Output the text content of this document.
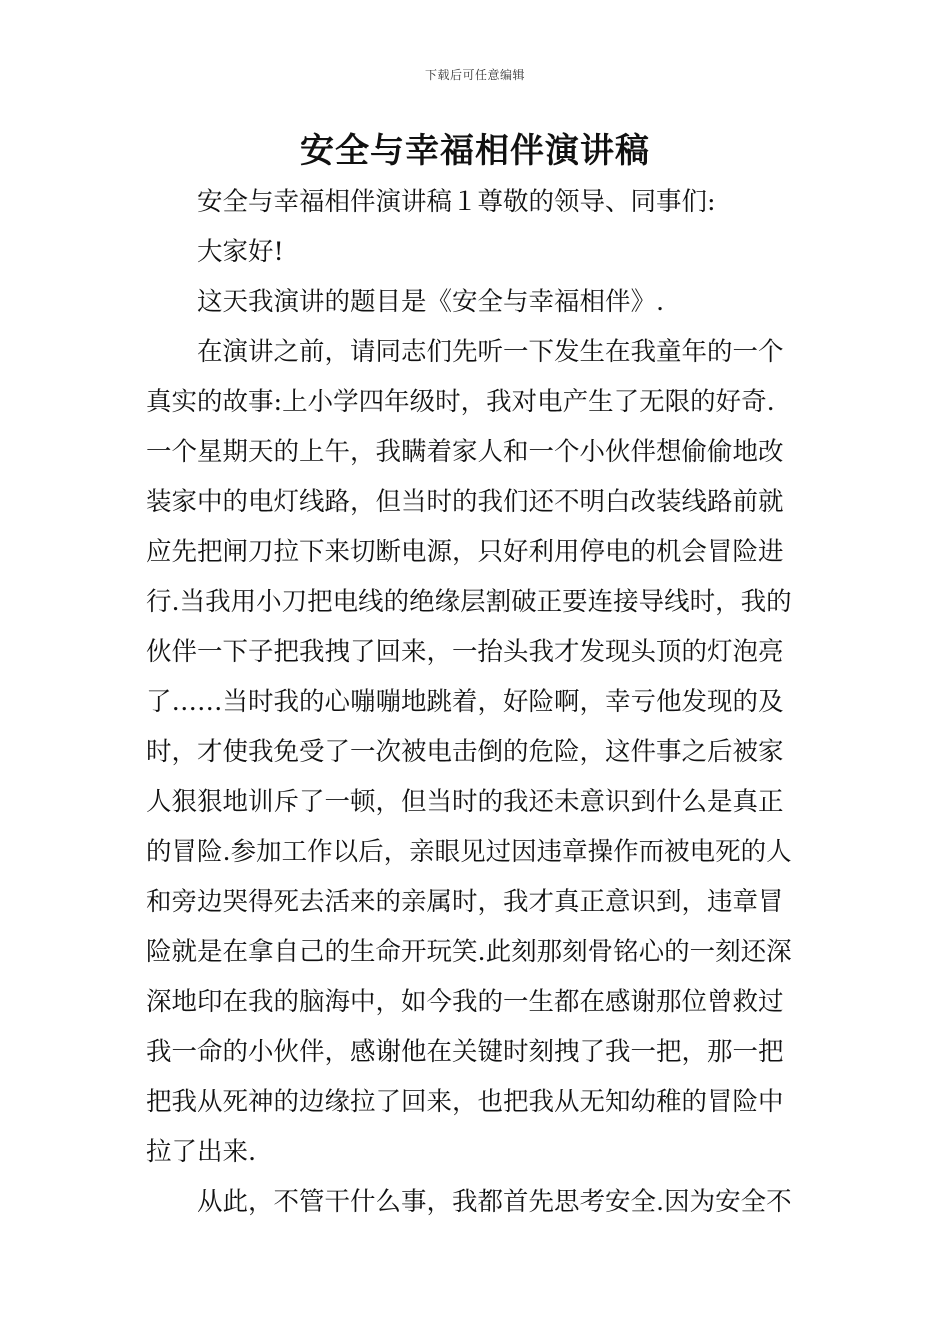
下载后可任意编辑
安全与幸福相伴演讲稿
安全与幸福相伴演讲稿１尊敬的领导、同事们:
大家好!
这天我演讲的题目是《安全与幸福相伴》.
在演讲之前，请同志们先听一下发生在我童年的一个
真实的故事:上小学四年级时，我对电产生了无限的好奇.
一个星期天的上午，我瞒着家人和一个小伙伴想偷偷地改
装家中的电灯线路，但当时的我们还不明白改装线路前就
应先把闸刀拉下来切断电源，只好利用停电的机会冒险进
行.当我用小刀把电线的绝缘层割破正要连接导线时，我的
伙伴一下子把我拽了回来，一抬头我才发现头顶的灯泡亮
了……当时我的心嘣嘣地跳着，好险啊，幸亏他发现的及
时，才使我免受了一次被电击倒的危险，这件事之后被家
人狠狠地训斥了一顿，但当时的我还未意识到什么是真正
的冒险.参加工作以后，亲眼见过因违章操作而被电死的人
和旁边哭得死去活来的亲属时，我才真正意识到，违章冒
险就是在拿自己的生命开玩笑.此刻那刻骨铭心的一刻还深
深地印在我的脑海中，如今我的一生都在感谢那位曾救过
我一命的小伙伴，感谢他在关键时刻拽了我一把，那一把
把我从死神的边缘拉了回来，也把我从无知幼稚的冒险中
拉了出来.
从此，不管干什么事，我都首先思考安全.因为安全不
